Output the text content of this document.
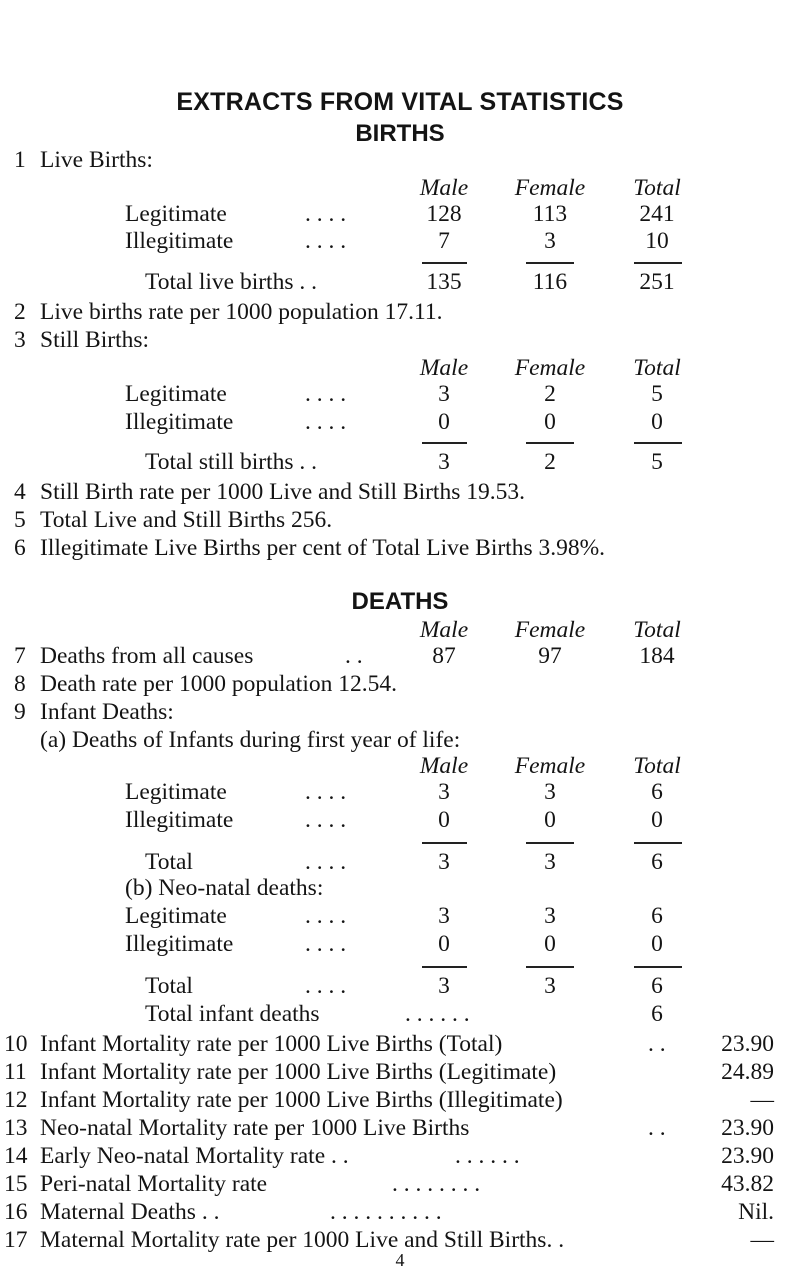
EXTRACTS FROM VITAL STATISTICS
BIRTHS
1 Live Births:
Male	Female	Total
Legitimate	. . . .	128	113	241
Illegitimate	. . . .	7	3	10
Total live births . .	135	116	251
2 Live births rate per 1000 population 17.11.
3 Still Births:
Male	Female	Total
Legitimate	. . . .	3	2	5
Illegitimate	. . . .	0	0	0
Total still births . .	3	2	5
4 Still Birth rate per 1000 Live and Still Births 19.53.
5 Total Live and Still Births 256.
6 Illegitimate Live Births per cent of Total Live Births 3.98%.
DEATHS
Male	Female	Total
7 Deaths from all causes	. .	87	97	184
8 Death rate per 1000 population 12.54.
9 Infant Deaths:
(a) Deaths of Infants during first year of life:
Male	Female	Total
Legitimate	. . . .	3	3	6
Illegitimate	. . . .	0	0	0
Total	. . . .	3	3	6
(b) Neo-natal deaths:
Legitimate	. . . .	3	3	6
Illegitimate	. . . .	0	0	0
Total	. . . .	3	3	6
Total infant deaths	. . . . . .	6
10 Infant Mortality rate per 1000 Live Births (Total)	. .	23.90
11 Infant Mortality rate per 1000 Live Births (Legitimate)	24.89
12 Infant Mortality rate per 1000 Live Births (Illegitimate)	—
13 Neo-natal Mortality rate per 1000 Live Births	. .	23.90
14 Early Neo-natal Mortality rate . .	. . . . . .	23.90
15 Peri-natal Mortality rate	. . . . . . . .	43.82
16 Maternal Deaths . .	. . . . . . . . . .	Nil.
17 Maternal Mortality rate per 1000 Live and Still Births. .	—
4
